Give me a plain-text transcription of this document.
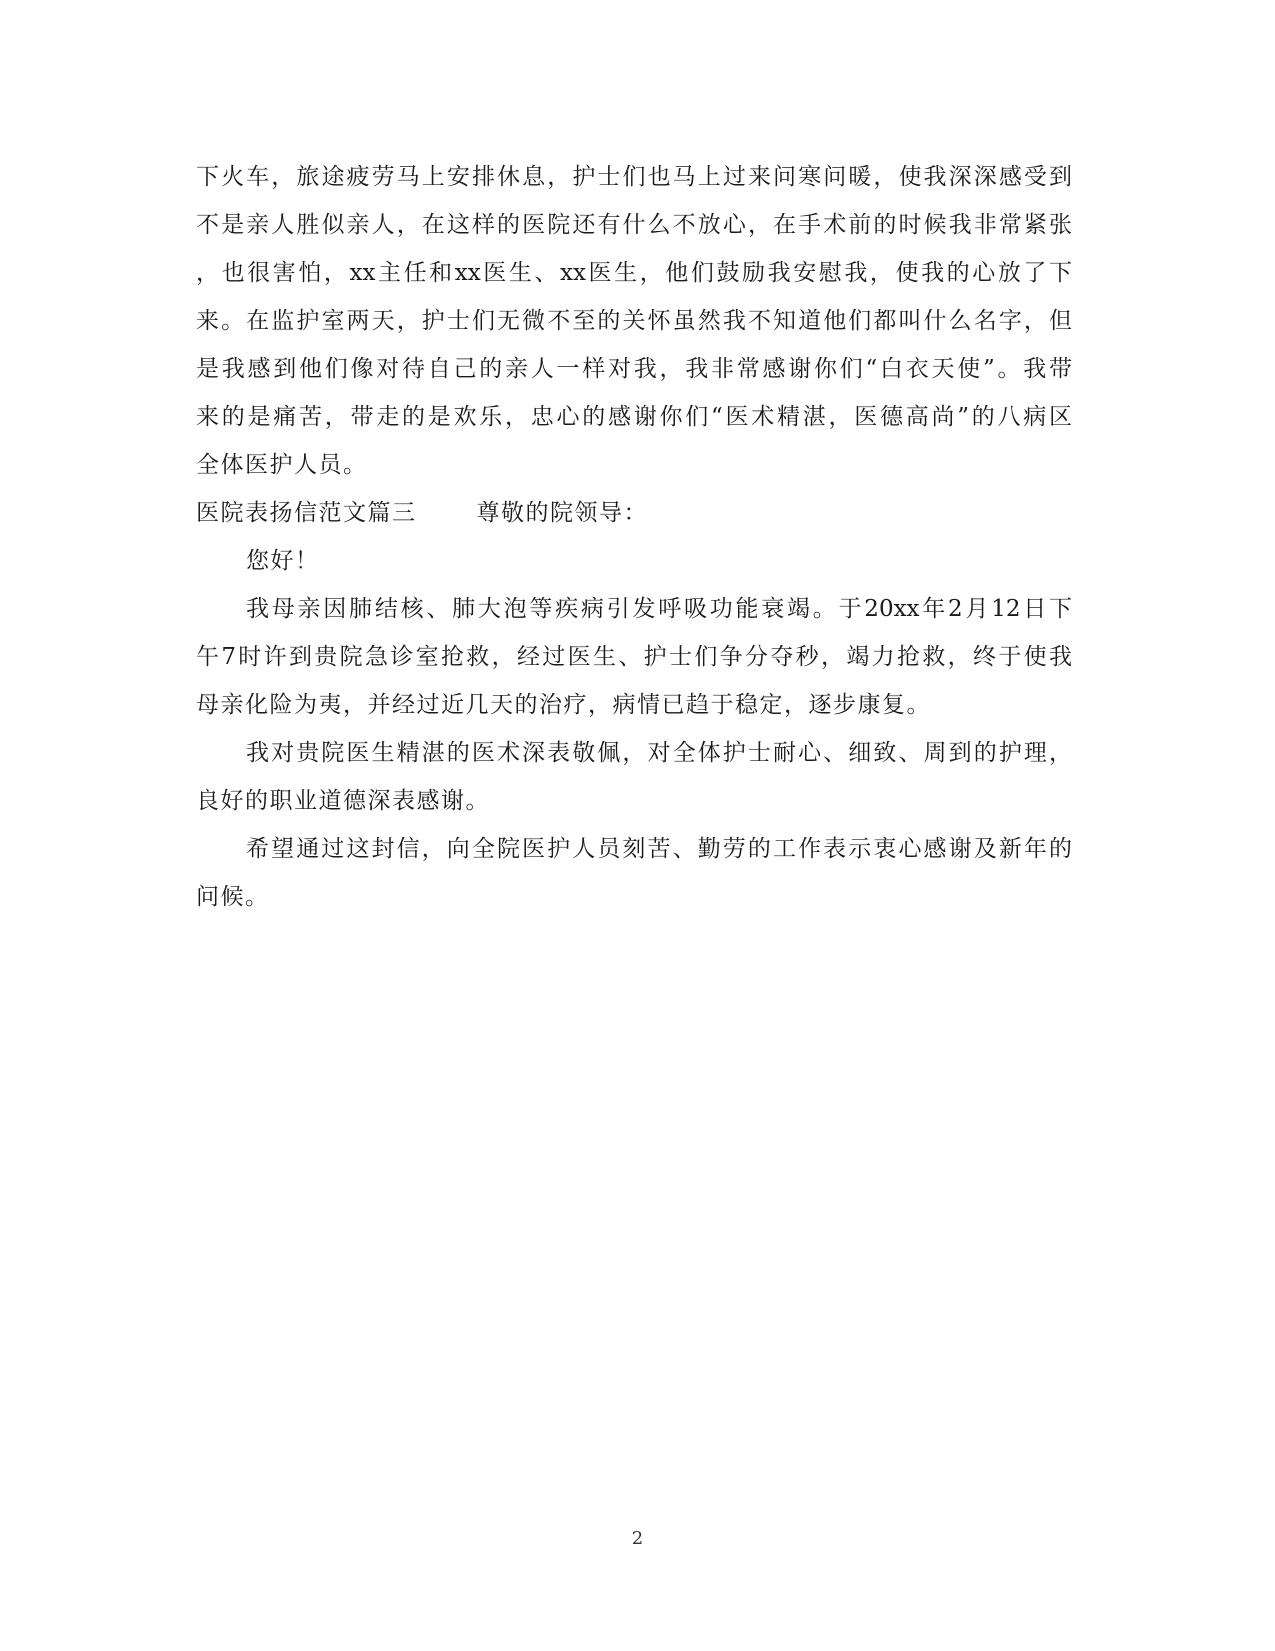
下火车，旅途疲劳马上安排休息，护士们也马上过来问寒问暖，使我深深感受到
不是亲人胜似亲人，在这样的医院还有什么不放心，在手术前的时候我非常紧张
，也很害怕，xx主任和xx医生、xx医生，他们鼓励我安慰我，使我的心放了下
来。在监护室两天，护士们无微不至的关怀虽然我不知道他们都叫什么名字，但
是我感到他们像对待自己的亲人一样对我，我非常感谢你们“白衣天使”。我带
来的是痛苦，带走的是欢乐，忠心的感谢你们“医术精湛，医德高尚”的八病区
全体医护人员。
医院表扬信范文篇三	尊敬的院领导：
您好！
我母亲因肺结核、肺大泡等疾病引发呼吸功能衰竭。于20xx年2月12日下
午7时许到贵院急诊室抢救，经过医生、护士们争分夺秒，竭力抢救，终于使我
母亲化险为夷，并经过近几天的治疗，病情已趋于稳定，逐步康复。
我对贵院医生精湛的医术深表敬佩，对全体护士耐心、细致、周到的护理，
良好的职业道德深表感谢。
希望通过这封信，向全院医护人员刻苦、勤劳的工作表示衷心感谢及新年的
问候。
2
